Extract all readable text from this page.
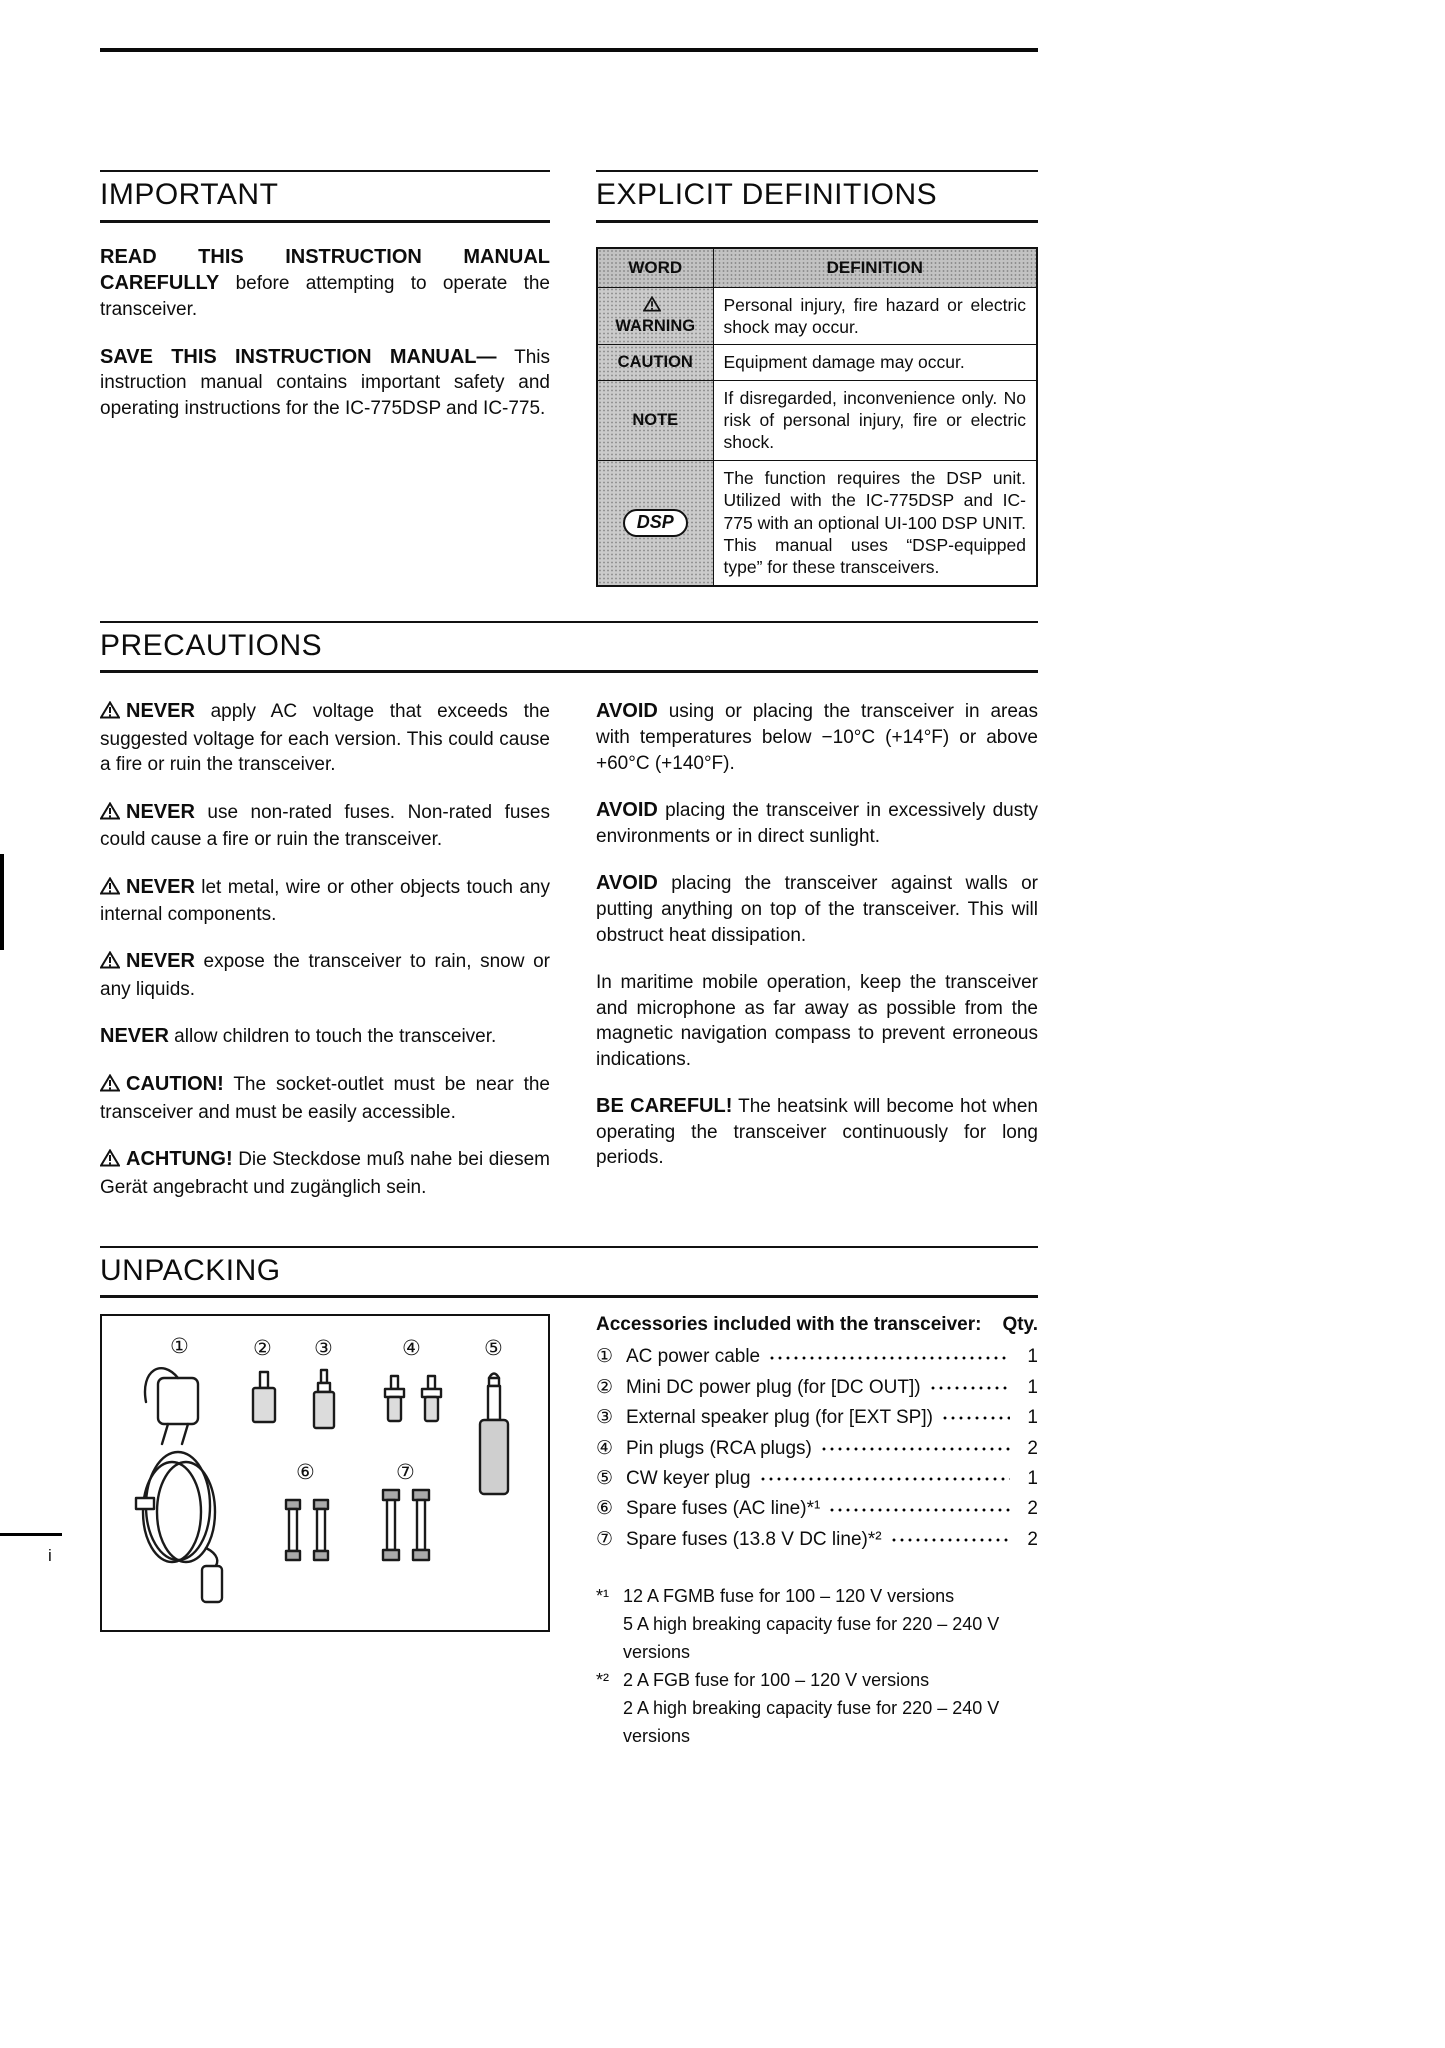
i
IMPORTANT

READ THIS INSTRUCTION MANUAL CAREFULLY before attempting to operate the transceiver.

SAVE THIS INSTRUCTION MANUAL— This instruction manual contains important safety and operating instructions for the IC-775DSP and IC-775.

EXPLICIT DEFINITIONS
WORD	DEFINITION
WARNING	Personal injury, fire hazard or electric shock may occur.
CAUTION	Equipment damage may occur.
NOTE	If disregarded, inconvenience only. No risk of personal injury, fire or electric shock.
DSP	The function requires the DSP unit. Utilized with the IC-775DSP and IC-775 with an optional UI-100 DSP UNIT. This manual uses “DSP-equipped type” for these transceivers.
PRECAUTIONS

NEVER apply AC voltage that exceeds the suggested voltage for each version. This could cause a fire or ruin the transceiver.

NEVER use non-rated fuses. Non-rated fuses could cause a fire or ruin the transceiver.

NEVER let metal, wire or other objects touch any internal components.

NEVER expose the transceiver to rain, snow or any liquids.

NEVER allow children to touch the transceiver.

CAUTION! The socket-outlet must be near the transceiver and must be easily accessible.

ACHTUNG! Die Steckdose muß nahe bei diesem Gerät angebracht und zugänglich sein.

AVOID using or placing the transceiver in areas with temperatures below −10°C (+14°F) or above +60°C (+140°F).

AVOID placing the transceiver in excessively dusty environments or in direct sunlight.

AVOID placing the transceiver against walls or putting anything on top of the transceiver. This will obstruct heat dissipation.

In maritime mobile operation, keep the transceiver and microphone as far away as possible from the magnetic navigation compass to prevent erroneous indications.

BE CAREFUL! The heatsink will become hot when operating the transceiver continuously for long periods.

UNPACKING
①	② ③	④	⑤
⑥	⑦
Accessories included with the transceiver: Qty.
① AC power cable	1
② Mini DC power plug (for [DC OUT])	1
③ External speaker plug (for [EXT SP])	1
④ Pin plugs (RCA plugs)	2
⑤ CW keyer plug	1
⑥ Spare fuses (AC line)*¹	2
⑦ Spare fuses (13.8 V DC line)*²	2
*¹ 12 A FGMB fuse for 100 – 120 V versions
5 A high breaking capacity fuse for 220 – 240 V versions
*² 2 A FGB fuse for 100 – 120 V versions
2 A high breaking capacity fuse for 220 – 240 V versions
